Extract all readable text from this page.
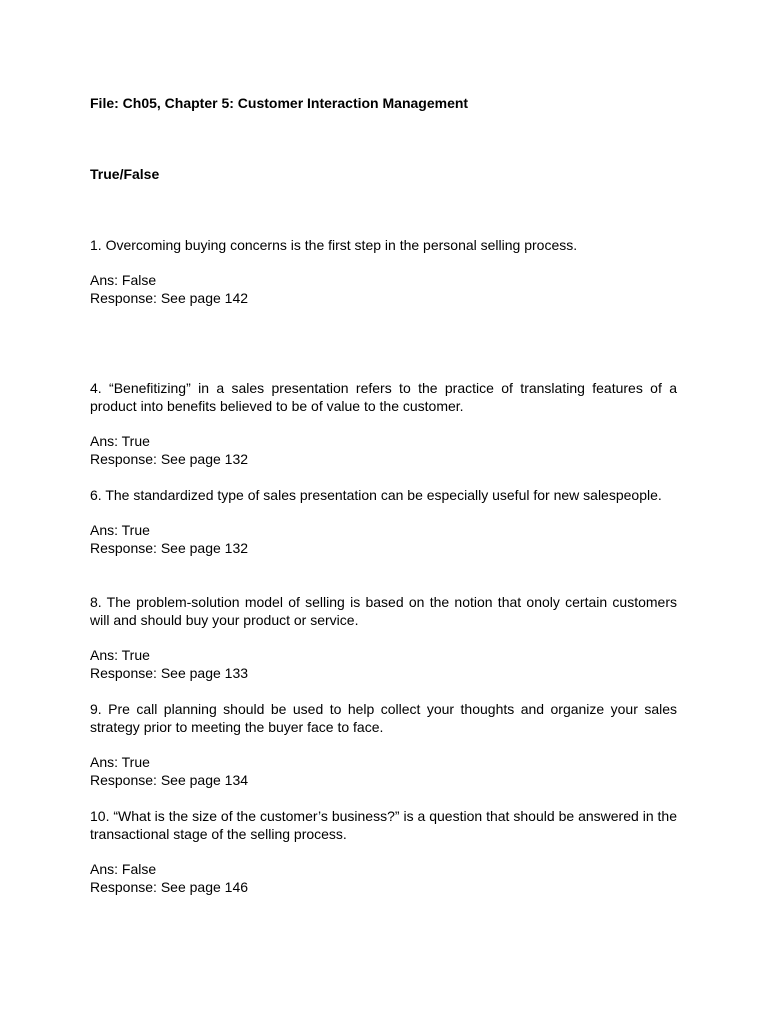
File: Ch05, Chapter 5: Customer Interaction Management
True/False

1. Overcoming buying concerns is the first step in the personal selling process.

Ans: False

Response: See page 142

4. “Benefitizing” in a sales presentation refers to the practice of translating features of a product into benefits believed to be of value to the customer.

Ans: True

Response: See page 132

6. The standardized type of sales presentation can be especially useful for new salespeople.

Ans: True

Response: See page 132

8. The problem-solution model of selling is based on the notion that onoly certain customers will and should buy your product or service.

Ans: True

Response: See page 133

9. Pre call planning should be used to help collect your thoughts and organize your sales strategy prior to meeting the buyer face to face.

Ans: True

Response: See page 134

10. “What is the size of the customer’s business?” is a question that should be answered in the transactional stage of the selling process.

Ans: False

Response: See page 146
